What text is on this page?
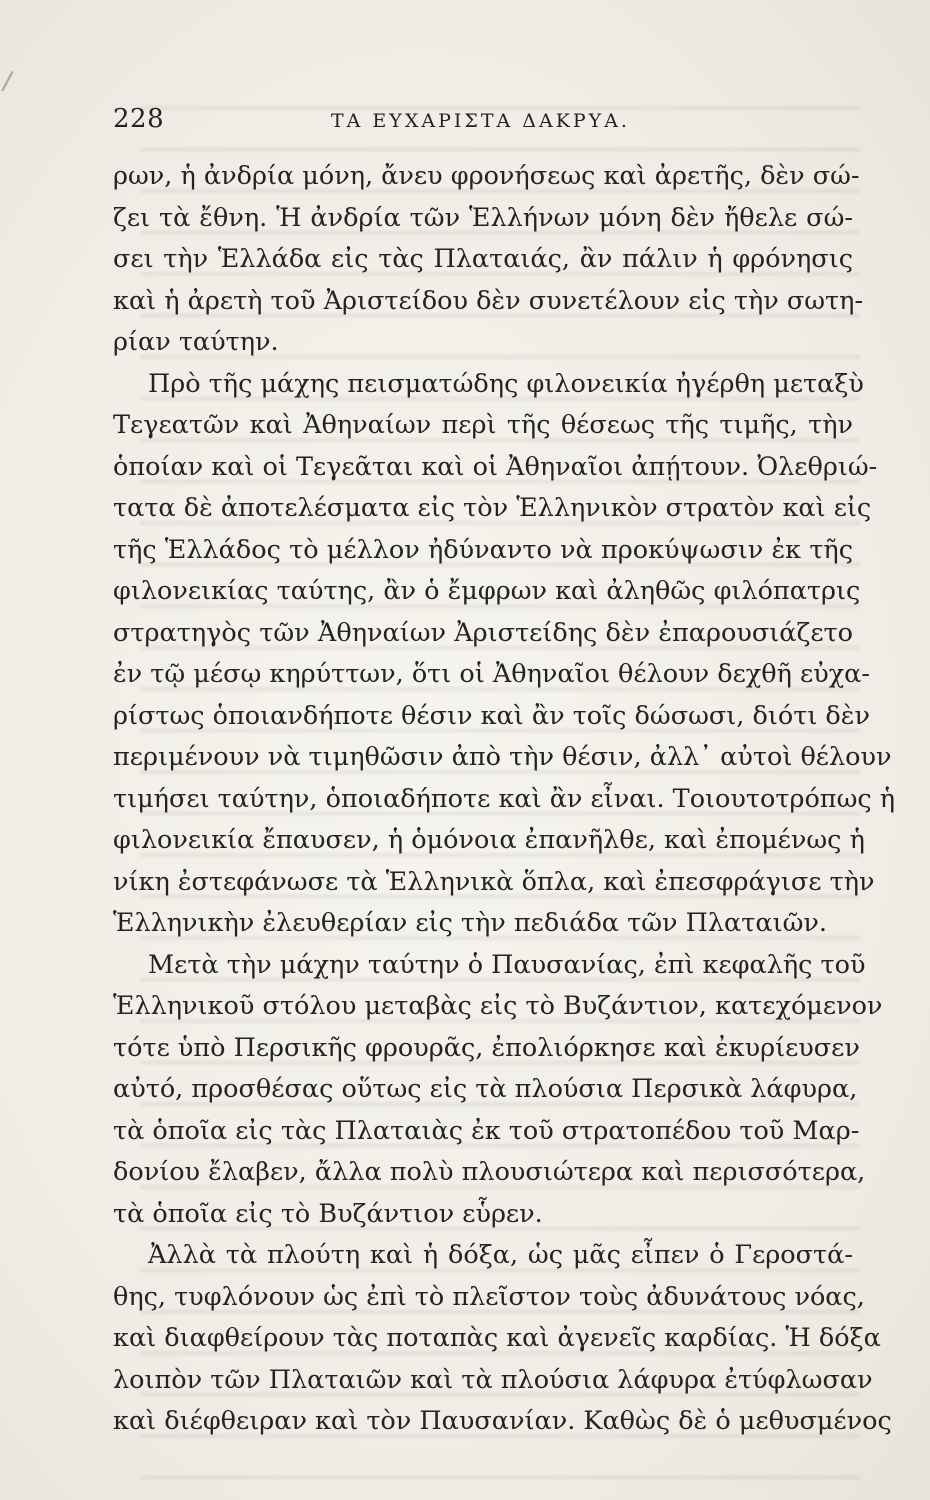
228	ΤΑ ΕΥΧΑΡΙΣΤΑ ΔΑΚΡΥΑ.
ρων, ἡ ἀνδρία μόνη, ἄνευ φρονήσεως καὶ ἀρετῆς, δὲν σώ-
ζει τὰ ἔθνη. Ἡ ἀνδρία τῶν Ἑλλήνων μόνη δὲν ἤθελε σώ-
σει τὴν Ἑλλάδα εἰς τὰς Πλαταιάς, ἂν πάλιν ἡ φρόνησις
καὶ ἡ ἀρετὴ τοῦ Ἀριστείδου δὲν συνετέλουν εἰς τὴν σωτη-
ρίαν ταύτην.
Πρὸ τῆς μάχης πεισματώδης φιλονεικία ἠγέρθη μεταξὺ
Τεγεατῶν καὶ Ἀθηναίων περὶ τῆς θέσεως τῆς τιμῆς, τὴν
ὁποίαν καὶ οἱ Τεγεᾶται καὶ οἱ Ἀθηναῖοι ἀπῄτουν. Ὀλεθριώ-
τατα δὲ ἀποτελέσματα εἰς τὸν Ἑλληνικὸν στρατὸν καὶ εἰς
τῆς Ἑλλάδος τὸ μέλλον ἠδύναντο νὰ προκύψωσιν ἐκ τῆς
φιλονεικίας ταύτης, ἂν ὁ ἔμφρων καὶ ἀληθῶς φιλόπατρις
στρατηγὸς τῶν Ἀθηναίων Ἀριστείδης δὲν ἐπαρουσιάζετο
ἐν τῷ μέσῳ κηρύττων, ὅτι οἱ Ἀθηναῖοι θέλουν δεχθῆ εὐχα-
ρίστως ὁποιανδήποτε θέσιν καὶ ἂν τοῖς δώσωσι, διότι δὲν
περιμένουν νὰ τιμηθῶσιν ἀπὸ τὴν θέσιν, ἀλλ᾽ αὐτοὶ θέλουν
τιμήσει ταύτην, ὁποιαδήποτε καὶ ἂν εἶναι. Τοιουτοτρόπως ἡ
φιλονεικία ἔπαυσεν, ἡ ὁμόνοια ἐπανῆλθε, καὶ ἐπομένως ἡ
νίκη ἐστεφάνωσε τὰ Ἑλληνικὰ ὅπλα, καὶ ἐπεσφράγισε τὴν
Ἑλληνικὴν ἐλευθερίαν εἰς τὴν πεδιάδα τῶν Πλαταιῶν.
Μετὰ τὴν μάχην ταύτην ὁ Παυσανίας, ἐπὶ κεφαλῆς τοῦ
Ἑλληνικοῦ στόλου μεταβὰς εἰς τὸ Βυζάντιον, κατεχόμενον
τότε ὑπὸ Περσικῆς φρουρᾶς, ἐπολιόρκησε καὶ ἐκυρίευσεν
αὐτό, προσθέσας οὕτως εἰς τὰ πλούσια Περσικὰ λάφυρα,
τὰ ὁποῖα εἰς τὰς Πλαταιὰς ἐκ τοῦ στρατοπέδου τοῦ Μαρ-
δονίου ἔλαβεν, ἄλλα πολὺ πλουσιώτερα καὶ περισσότερα,
τὰ ὁποῖα εἰς τὸ Βυζάντιον εὗρεν.
Ἀλλὰ τὰ πλούτη καὶ ἡ δόξα, ὡς μᾶς εἶπεν ὁ Γεροστά-
θης, τυφλόνουν ὡς ἐπὶ τὸ πλεῖστον τοὺς ἀδυνάτους νόας,
καὶ διαφθείρουν τὰς ποταπὰς καὶ ἀγενεῖς καρδίας. Ἡ δόξα
λοιπὸν τῶν Πλαταιῶν καὶ τὰ πλούσια λάφυρα ἐτύφλωσαν
καὶ διέφθειραν καὶ τὸν Παυσανίαν. Καθὼς δὲ ὁ μεθυσμένος
